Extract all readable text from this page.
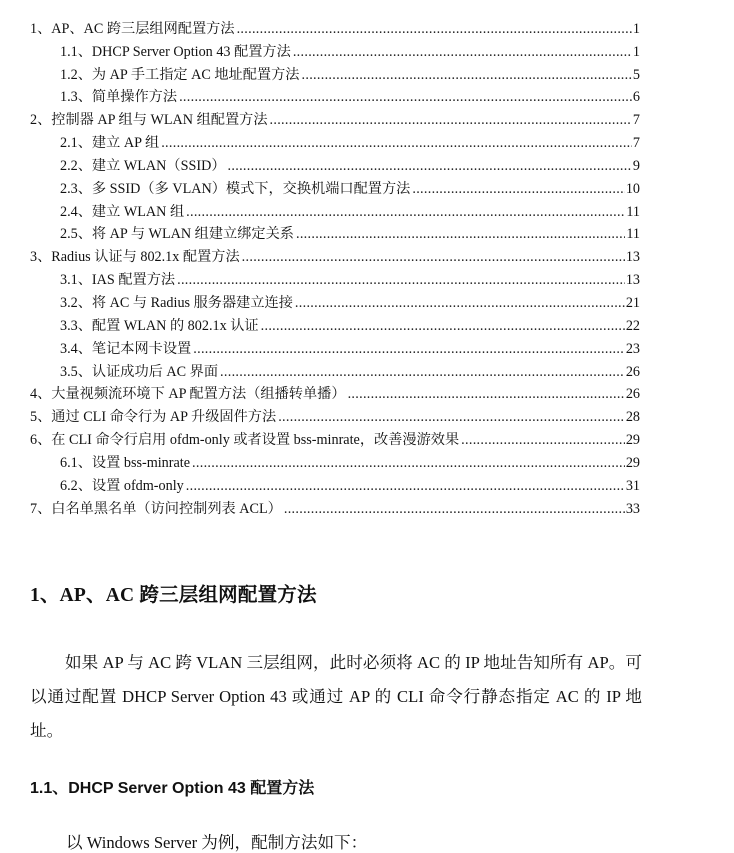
1、AP、AC 跨三层组网配置方法 .....	1
1.1、DHCP Server Option 43 配置方法 .....	1
1.2、为 AP 手工指定 AC 地址配置方法 .....	5
1.3、简单操作方法 .....	6
2、控制器 AP 组与 WLAN 组配置方法 .....	7
2.1、建立 AP 组 .....	7
2.2、建立 WLAN（SSID） .....	9
2.3、多 SSID（多 VLAN）模式下，交换机端口配置方法 .....	10
2.4、建立 WLAN 组 .....	11
2.5、将 AP 与 WLAN 组建立绑定关系 .....	11
3、Radius 认证与 802.1x 配置方法 .....	13
3.1、IAS 配置方法 .....	13
3.2、将 AC 与 Radius 服务器建立连接 .....	21
3.3、配置 WLAN 的 802.1x 认证 .....	22
3.4、笔记本网卡设置 .....	23
3.5、认证成功后 AC 界面 .....	26
4、大量视频流环境下 AP 配置方法（组播转单播） .....	26
5、通过 CLI 命令行为 AP 升级固件方法 .....	28
6、在 CLI 命令行启用 ofdm-only 或者设置 bss-minrate，改善漫游效果 .....	29
6.1、设置 bss-minrate .....	29
6.2、设置 ofdm-only .....	31
7、白名单黑名单（访问控制列表 ACL） .....	33
1、AP、AC 跨三层组网配置方法

如果 AP 与 AC 跨 VLAN 三层组网，此时必须将 AC 的 IP 地址告知所有 AP。可以通过配置 DHCP Server Option 43 或通过 AP 的 CLI 命令行静态指定 AC 的 IP 地址。

1.1、DHCP Server Option 43 配置方法

以 Windows Server 为例，配制方法如下：
